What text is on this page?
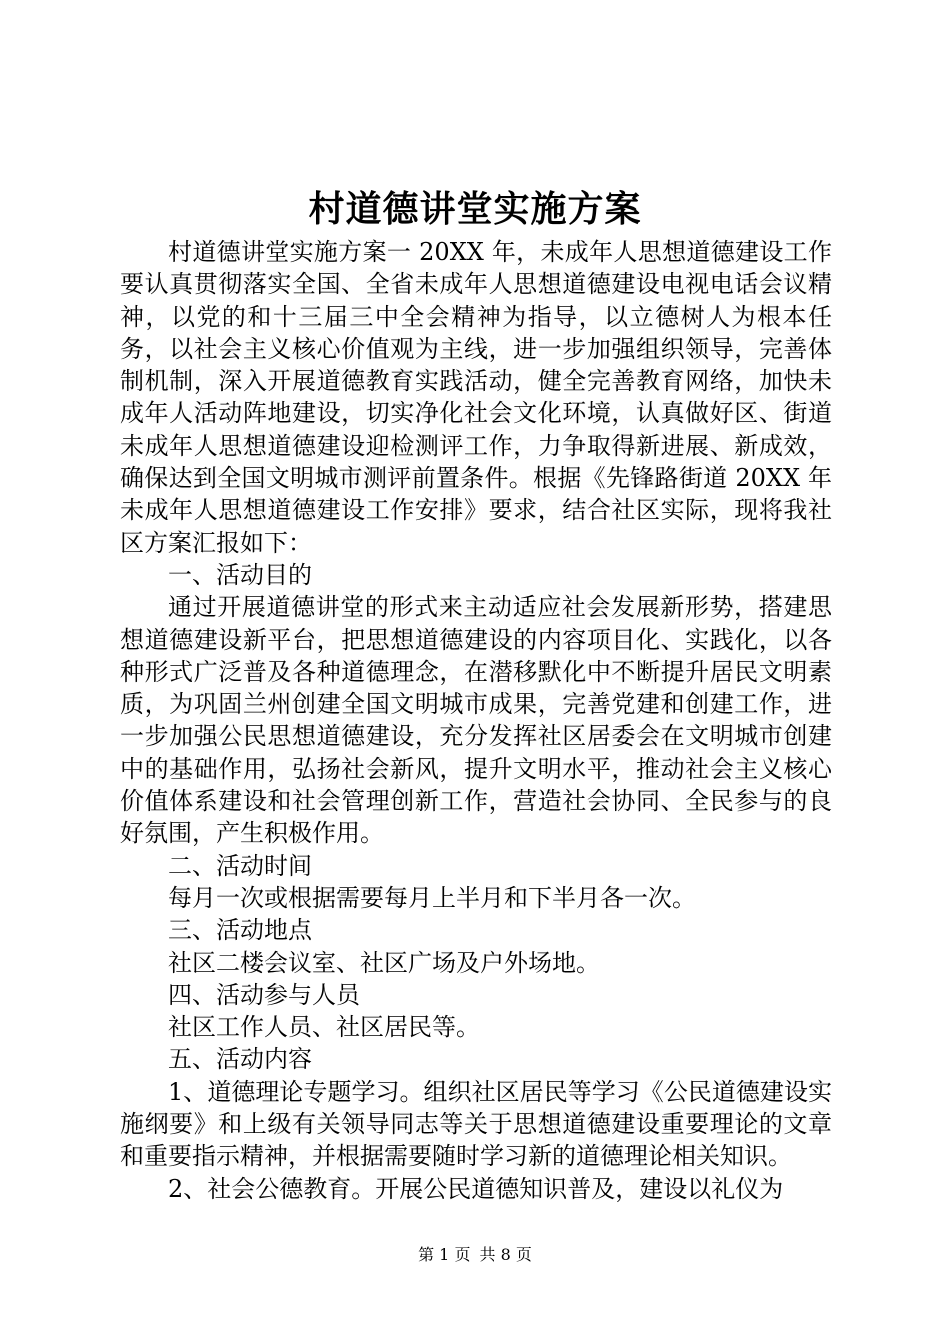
村道德讲堂实施方案

村道德讲堂实施方案一 20XX 年，未成年人思想道德建设工作要认真贯彻落实全国、全省未成年人思想道德建设电视电话会议精神，以党的和十三届三中全会精神为指导，以立德树人为根本任务，以社会主义核心价值观为主线，进一步加强组织领导，完善体制机制，深入开展道德教育实践活动，健全完善教育网络，加快未成年人活动阵地建设，切实净化社会文化环境，认真做好区、街道未成年人思想道德建设迎检测评工作，力争取得新进展、新成效，确保达到全国文明城市测评前置条件。根据《先锋路街道 20XX 年未成年人思想道德建设工作安排》要求，结合社区实际，现将我社区方案汇报如下：

一、活动目的

通过开展道德讲堂的形式来主动适应社会发展新形势，搭建思想道德建设新平台，把思想道德建设的内容项目化、实践化，以各种形式广泛普及各种道德理念，在潜移默化中不断提升居民文明素质，为巩固兰州创建全国文明城市成果，完善党建和创建工作，进一步加强公民思想道德建设，充分发挥社区居委会在文明城市创建中的基础作用，弘扬社会新风，提升文明水平，推动社会主义核心价值体系建设和社会管理创新工作，营造社会协同、全民参与的良好氛围，产生积极作用。

二、活动时间

每月一次或根据需要每月上半月和下半月各一次。

三、活动地点

社区二楼会议室、社区广场及户外场地。

四、活动参与人员

社区工作人员、社区居民等。

五、活动内容

1、道德理论专题学习。组织社区居民等学习《公民道德建设实施纲要》和上级有关领导同志等关于思想道德建设重要理论的文章和重要指示精神，并根据需要随时学习新的道德理论相关知识。

2、社会公德教育。开展公民道德知识普及，建设以礼仪为

第 1 页 共 8 页
